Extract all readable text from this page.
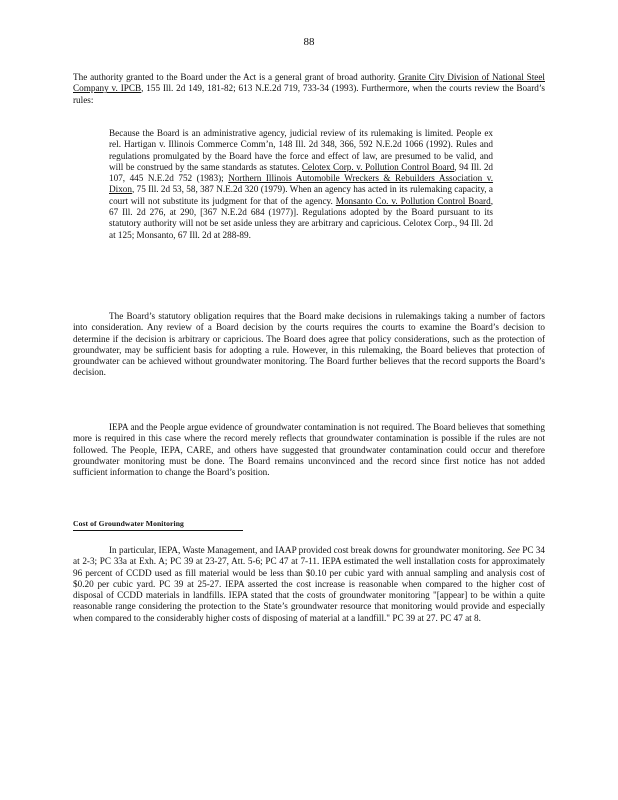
88

The authority granted to the Board under the Act is a general grant of broad authority. Granite City Division of National Steel Company v. IPCB, 155 Ill. 2d 149, 181-82; 613 N.E.2d 719, 733-34 (1993). Furthermore, when the courts review the Board’s rules:

Because the Board is an administrative agency, judicial review of its rulemaking is limited. People ex rel. Hartigan v. Illinois Commerce Comm’n, 148 Ill. 2d 348, 366, 592 N.E.2d 1066 (1992). Rules and regulations promulgated by the Board have the force and effect of law, are presumed to be valid, and will be construed by the same standards as statutes. Celotex Corp. v. Pollution Control Board, 94 Ill. 2d 107, 445 N.E.2d 752 (1983); Northern Illinois Automobile Wreckers & Rebuilders Association v. Dixon, 75 Ill. 2d 53, 58, 387 N.E.2d 320 (1979). When an agency has acted in its rulemaking capacity, a court will not substitute its judgment for that of the agency. Monsanto Co. v. Pollution Control Board, 67 Ill. 2d 276, at 290, [367 N.E.2d 684 (1977)]. Regulations adopted by the Board pursuant to its statutory authority will not be set aside unless they are arbitrary and capricious. Celotex Corp., 94 Ill. 2d at 125; Monsanto, 67 Ill. 2d at 288-89.

The Board’s statutory obligation requires that the Board make decisions in rulemakings taking a number of factors into consideration. Any review of a Board decision by the courts requires the courts to examine the Board’s decision to determine if the decision is arbitrary or capricious. The Board does agree that policy considerations, such as the protection of groundwater, may be sufficient basis for adopting a rule. However, in this rulemaking, the Board believes that protection of groundwater can be achieved without groundwater monitoring. The Board further believes that the record supports the Board’s decision.

IEPA and the People argue evidence of groundwater contamination is not required. The Board believes that something more is required in this case where the record merely reflects that groundwater contamination is possible if the rules are not followed. The People, IEPA, CARE, and others have suggested that groundwater contamination could occur and therefore groundwater monitoring must be done. The Board remains unconvinced and the record since first notice has not added sufficient information to change the Board’s position.

Cost of Groundwater Monitoring

In particular, IEPA, Waste Management, and IAAP provided cost break downs for groundwater monitoring. See PC 34 at 2-3; PC 33a at Exh. A; PC 39 at 23-27, Att. 5-6; PC 47 at 7-11. IEPA estimated the well installation costs for approximately 96 percent of CCDD used as fill material would be less than $0.10 per cubic yard with annual sampling and analysis cost of $0.20 per cubic yard. PC 39 at 25-27. IEPA asserted the cost increase is reasonable when compared to the higher cost of disposal of CCDD materials in landfills. IEPA stated that the costs of groundwater monitoring "[appear] to be within a quite reasonable range considering the protection to the State’s groundwater resource that monitoring would provide and especially when compared to the considerably higher costs of disposing of material at a landfill." PC 39 at 27. PC 47 at 8.
